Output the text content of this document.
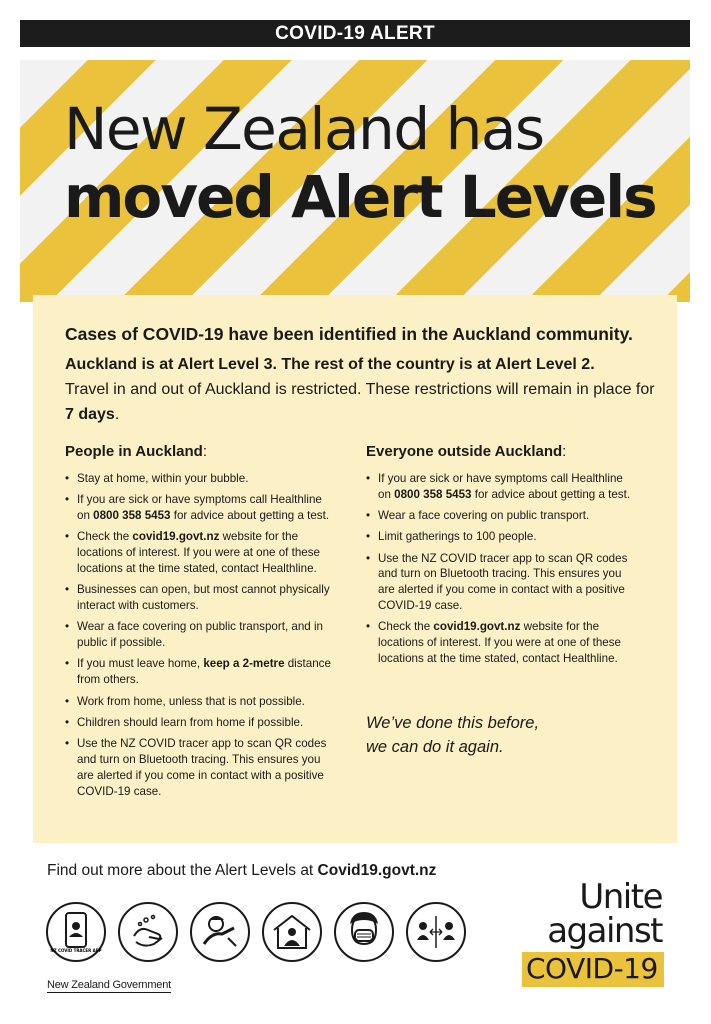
COVID-19 ALERT
New Zealand has
moved Alert Levels

Cases of COVID-19 have been identified in the Auckland community.

Auckland is at Alert Level 3. The rest of the country is at Alert Level 2.
Travel in and out of Auckland is restricted. These restrictions will remain in place for 7 days.

People in Auckland:
• Stay at home, within your bubble.
• If you are sick or have symptoms call Healthline on 0800 358 5453 for advice about getting a test.
• Check the covid19.govt.nz website for the locations of interest. If you were at one of these locations at the time stated, contact Healthline.
• Businesses can open, but most cannot physically interact with customers.
• Wear a face covering on public transport, and in public if possible.
• If you must leave home, keep a 2-metre distance from others.
• Work from home, unless that is not possible.
• Children should learn from home if possible.
• Use the NZ COVID tracer app to scan QR codes and turn on Bluetooth tracing. This ensures you are alerted if you come in contact with a positive COVID-19 case.
Everyone outside Auckland:
• If you are sick or have symptoms call Healthline on 0800 358 5453 for advice about getting a test.
• Wear a face covering on public transport.
• Limit gatherings to 100 people.
• Use the NZ COVID tracer app to scan QR codes and turn on Bluetooth tracing. This ensures you are alerted if you come in contact with a positive COVID-19 case.
• Check the covid19.govt.nz website for the locations of interest. If you were at one of these locations at the time stated, contact Healthline.
We’ve done this before,
we can do it again.
Find out more about the Alert Levels at Covid19.govt.nz
NZ COVID TRACER APP
New Zealand Government
Unite
against
COVID-19
